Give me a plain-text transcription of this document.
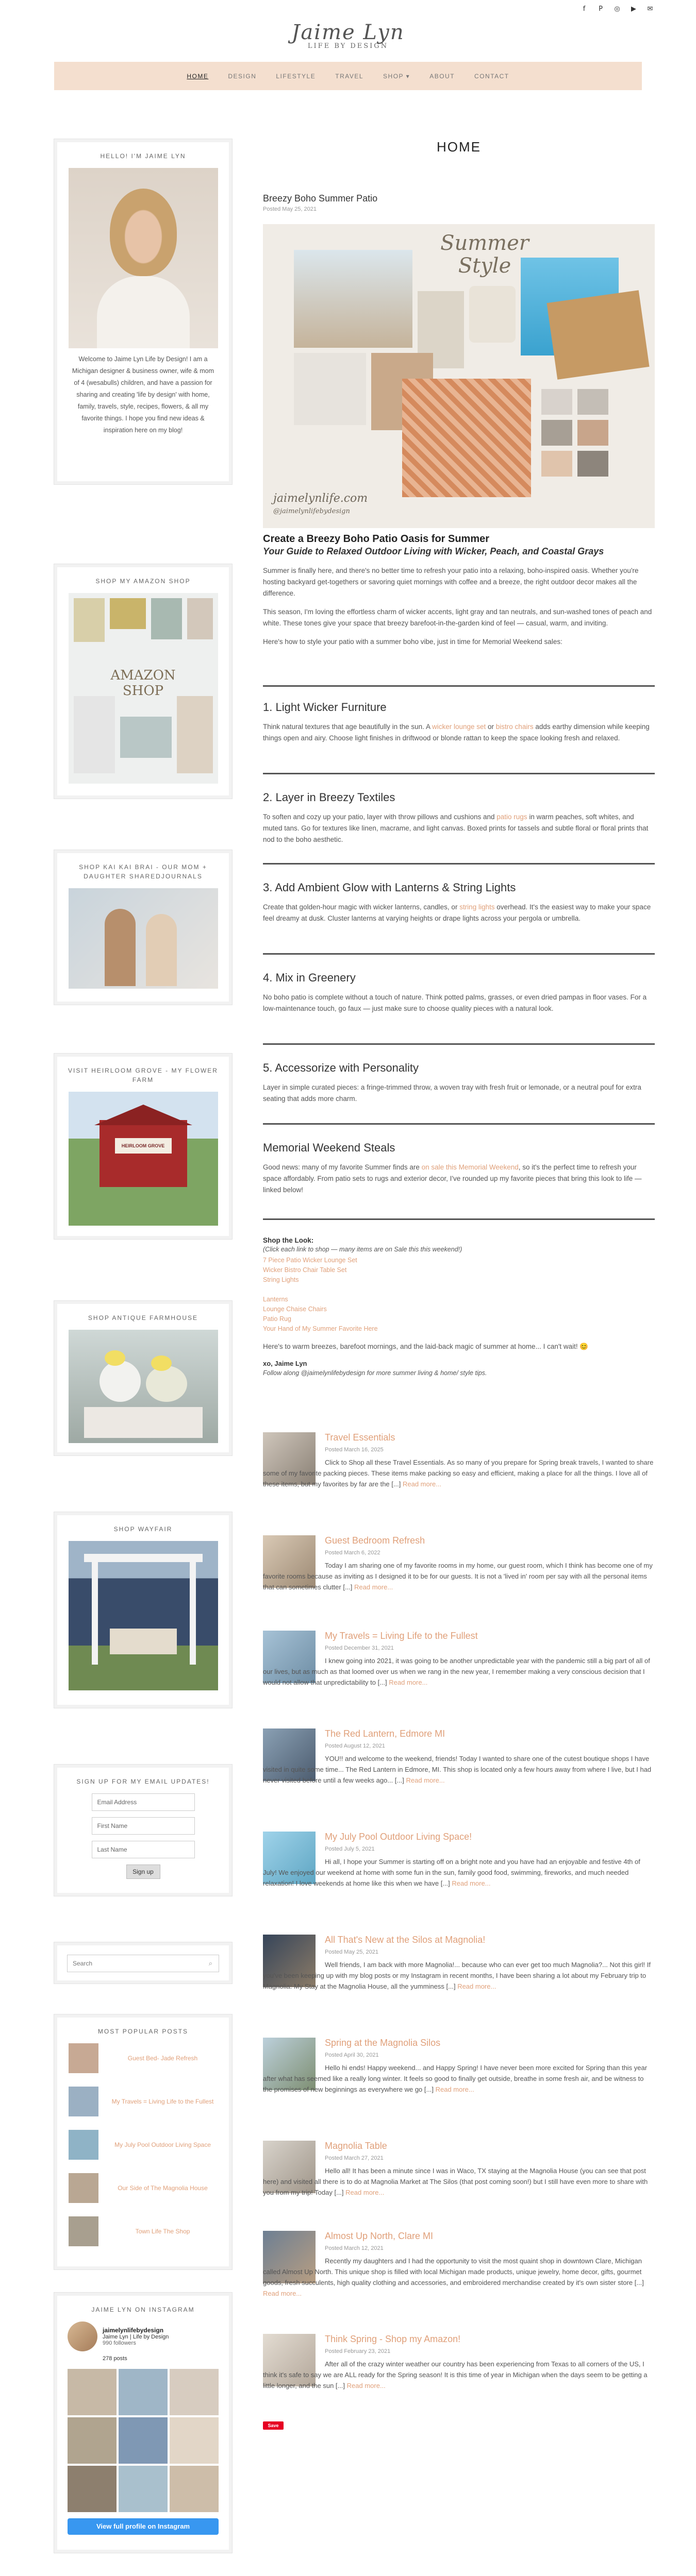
f	P	◎	▶	✉
Jaime Lyn
LIFE BY DESIGN
HOME	DESIGN	LIFESTYLE	TRAVEL	SHOP ▾	ABOUT	CONTACT
HELLO! I'M JAIME LYN
Welcome to Jaime Lyn Life by Design! I am a Michigan designer & business owner, wife & mom of 4 (wesabulls) children, and have a passion for sharing and creating 'life by design' with home, family, travels, style, recipes, flowers, & all my favorite things. I hope you find new ideas & inspiration here on my blog!
SHOP MY AMAZON SHOP
AMAZON SHOP
SHOP KAI KAI BRAI - OUR MOM + DAUGHTER SHAREDJOURNALS
VISIT HEIRLOOM GROVE - MY FLOWER FARM
HEIRLOOM GROVE
SHOP ANTIQUE FARMHOUSE
SHOP WAYFAIR
SIGN UP FOR MY EMAIL UPDATES!
Email Address
First Name
Last Name
Sign up
Search	⌕
MOST POPULAR POSTS
Guest Bed- Jade Refresh
My Travels = Living Life to the Fullest
My July Pool Outdoor Living Space
Our Side of The Magnolia House
Town Life The Shop
JAIME LYN ON INSTAGRAM
jaimelynlifebydesign
Jaime Lyn | Life by Design
990 followers
278 posts
View full profile on Instagram
HOME
Breezy Boho Summer Patio
Posted May 25, 2021
Summer Style
jaimelynlife.com
@jaimelynlifebydesign
Create a Breezy Boho Patio Oasis for Summer
Your Guide to Relaxed Outdoor Living with Wicker, Peach, and Coastal Grays
Summer is finally here, and there's no better time to refresh your patio into a relaxing, boho-inspired oasis. Whether you're hosting backyard get-togethers or savoring quiet mornings with coffee and a breeze, the right outdoor decor makes all the difference.
This season, I'm loving the effortless charm of wicker accents, light gray and tan neutrals, and sun-washed tones of peach and white. These tones give your space that breezy barefoot-in-the-garden kind of feel — casual, warm, and inviting.
Here's how to style your patio with a summer boho vibe, just in time for Memorial Weekend sales:
1. Light Wicker Furniture
Think natural textures that age beautifully in the sun. A wicker lounge set or bistro chairs adds earthy dimension while keeping things open and airy. Choose light finishes in driftwood or blonde rattan to keep the space looking fresh and relaxed.
2. Layer in Breezy Textiles
To soften and cozy up your patio, layer with throw pillows and cushions and patio rugs in warm peaches, soft whites, and muted tans. Go for textures like linen, macrame, and light canvas. Boxed prints for tassels and subtle floral or floral prints that nod to the boho aesthetic.
3. Add Ambient Glow with Lanterns & String Lights
Create that golden-hour magic with wicker lanterns, candles, or string lights overhead. It's the easiest way to make your space feel dreamy at dusk. Cluster lanterns at varying heights or drape lights across your pergola or umbrella.
4. Mix in Greenery
No boho patio is complete without a touch of nature. Think potted palms, grasses, or even dried pampas in floor vases. For a low-maintenance touch, go faux — just make sure to choose quality pieces with a natural look.
5. Accessorize with Personality
Layer in simple curated pieces: a fringe-trimmed throw, a woven tray with fresh fruit or lemonade, or a neutral pouf for extra seating that adds more charm.
Memorial Weekend Steals
Good news: many of my favorite Summer finds are on sale this Memorial Weekend, so it's the perfect time to refresh your space affordably. From patio sets to rugs and exterior decor, I've rounded up my favorite pieces that bring this look to life — linked below!
Shop the Look:
(Click each link to shop — many items are on Sale this this weekend!)
7 Piece Patio Wicker Lounge Set
Wicker Bistro Chair Table Set
String Lights
Lanterns
Lounge Chaise Chairs
Patio Rug
Your Hand of My Summer Favorite Here
Here's to warm breezes, barefoot mornings, and the laid-back magic of summer at home... I can't wait! 😊
xo, Jaime Lyn
Follow along @jaimelynlifebydesign for more summer living & home/ style tips.
Travel Essentials
Posted March 16, 2025
Click to Shop all these Travel Essentials. As so many of you prepare for Spring break travels, I wanted to share some of my favorite packing pieces. These items make packing so easy and efficient, making a place for all the things. I love all of these items, but my favorites by far are the [...] Read more...
Guest Bedroom Refresh
Posted March 6, 2022
Today I am sharing one of my favorite rooms in my home, our guest room, which I think has become one of my favorite rooms because as inviting as I designed it to be for our guests. It is not a 'lived in' room per say with all the personal items that can sometimes clutter [...] Read more...
My Travels = Living Life to the Fullest
Posted December 31, 2021
I knew going into 2021, it was going to be another unpredictable year with the pandemic still a big part of all of our lives, but as much as that loomed over us when we rang in the new year, I remember making a very conscious decision that I would not allow that unpredictability to [...] Read more...
The Red Lantern, Edmore MI
Posted August 12, 2021
YOU!! and welcome to the weekend, friends! Today I wanted to share one of the cutest boutique shops I have visited in quite some time... The Red Lantern in Edmore, MI. This shop is located only a few hours away from where I live, but I had never visited before until a few weeks ago... [...] Read more...
My July Pool Outdoor Living Space!
Posted July 5, 2021
Hi all, I hope your Summer is starting off on a bright note and you have had an enjoyable and festive 4th of July! We enjoyed our weekend at home with some fun in the sun, family good food, swimming, fireworks, and much needed relaxation! I love weekends at home like this when we have [...] Read more...
All That's New at the Silos at Magnolia!
Posted May 25, 2021
Well friends, I am back with more Magnolia!... because who can ever get too much Magnolia?... Not this girl! If you've been keeping up with my blog posts or my Instagram in recent months, I have been sharing a lot about my February trip to Magnolia: My Stay at the Magnolia House, all the yumminess [...] Read more...
Spring at the Magnolia Silos
Posted April 30, 2021
Hello hi ends! Happy weekend... and Happy Spring! I have never been more excited for Spring than this year after what has seemed like a really long winter. It feels so good to finally get outside, breathe in some fresh air, and be witness to the promises of new beginnings as everywhere we go [...] Read more...
Magnolia Table
Posted March 27, 2021
Hello all! It has been a minute since I was in Waco, TX staying at the Magnolia House (you can see that post here) and visited all there is to do at Magnolia Market at The Silos (that post coming soon!) but I still have even more to share with you from my trip! Today [...] Read more...
Almost Up North, Clare MI
Posted March 12, 2021
Recently my daughters and I had the opportunity to visit the most quaint shop in downtown Clare, Michigan called Almost Up North. This unique shop is filled with local Michigan made products, unique jewelry, home decor, gifts, gourmet goods, fresh succulents, high quality clothing and accessories, and embroidered merchandise created by it's own sister store [...] Read more...
Think Spring - Shop my Amazon!
Posted February 23, 2021
After all of the crazy winter weather our country has been experiencing from Texas to all corners of the US, I think it's safe to say we are ALL ready for the Spring season! It is this time of year in Michigan when the days seem to be getting a little longer, and the sun [...] Read more...
Save
